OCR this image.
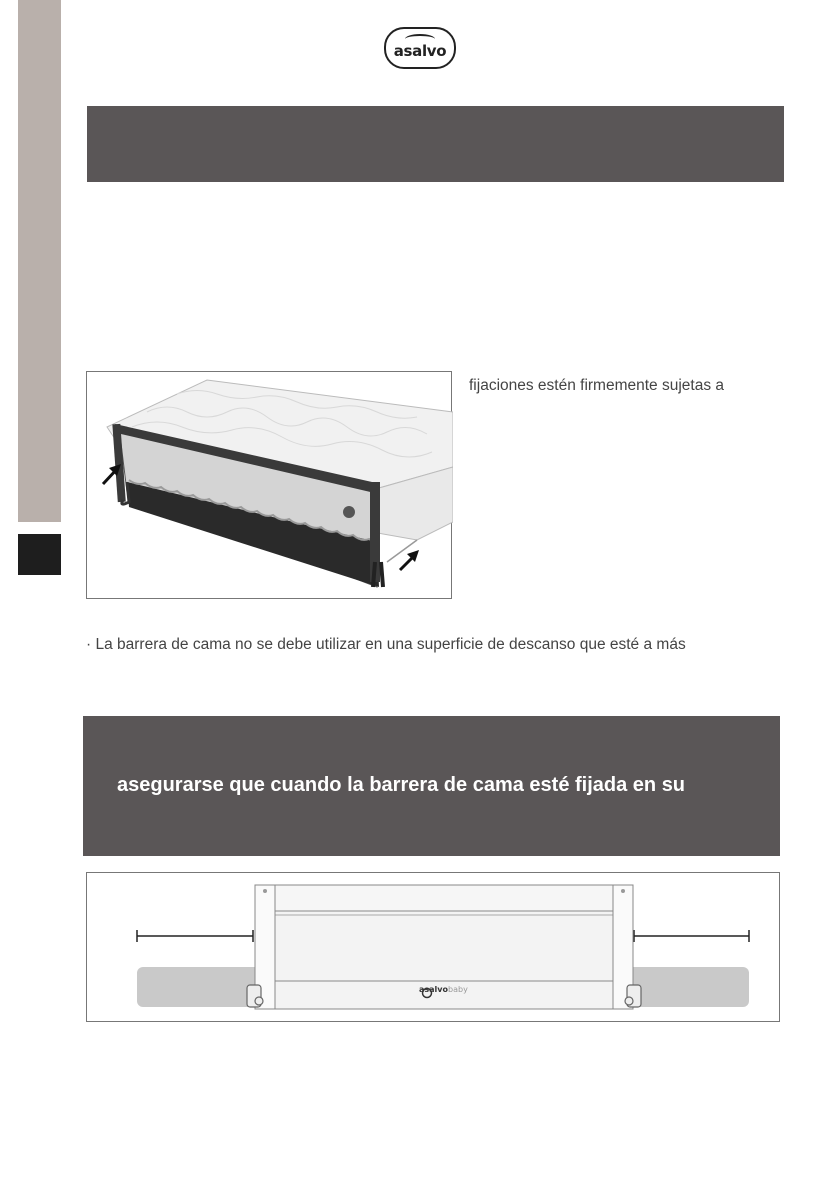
asalvo
fijaciones estén firmemente sujetas a
· La barrera de cama no se debe utilizar en una superficie de descanso que esté a más
asegurarse que cuando la barrera de cama esté fijada en su
asalvobaby
